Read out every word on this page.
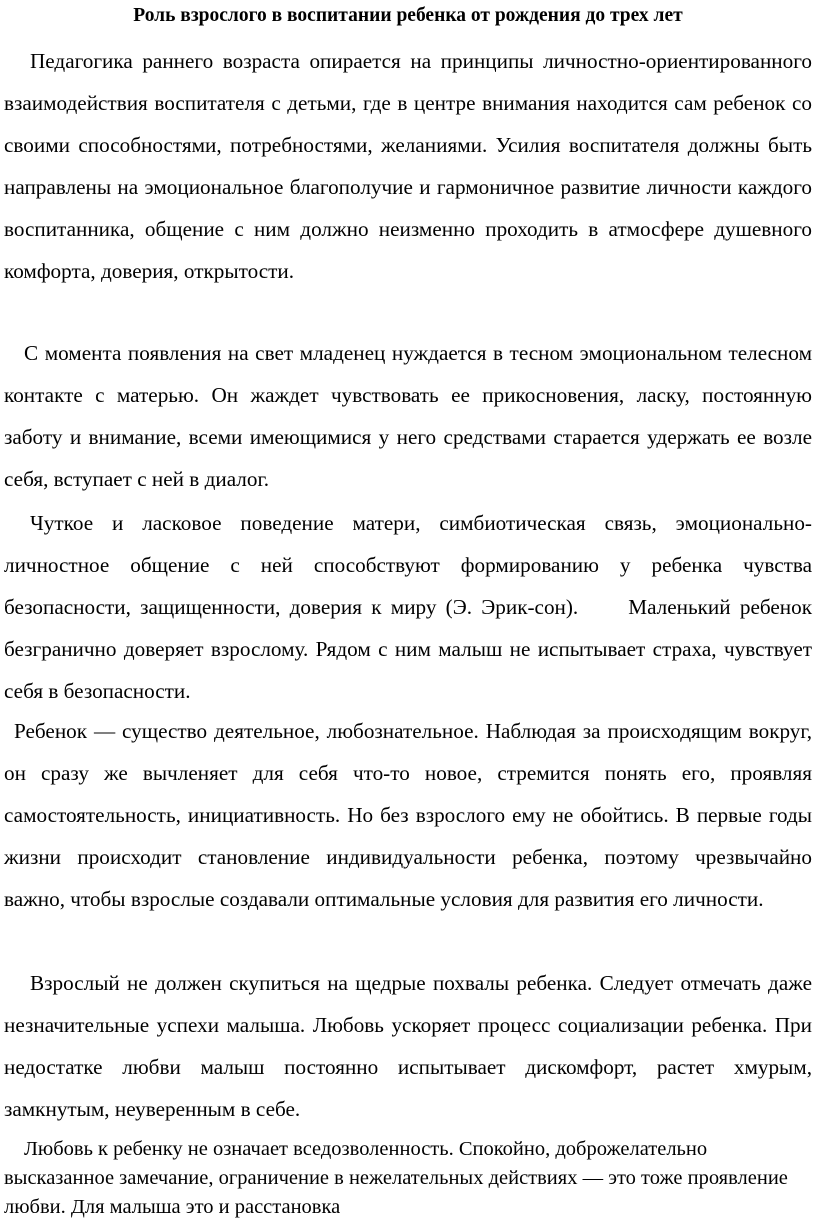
Роль взрослого в воспитании ребенка от рождения до трех лет

Педагогика раннего возраста опирается на принципы личностно-ориентированного взаимодействия воспитателя с детьми, где в центре внимания находится сам ребенок со своими способностями, потребностями, желаниями. Усилия воспитателя должны быть направлены на эмоциональное благополучие и гармоничное развитие личности каждого воспитанника, общение с ним должно неизменно проходить в атмосфере душевного комфорта, доверия, открытости.

С момента появления на свет младенец нуждается в тесном эмоциональном телесном контакте с матерью. Он жаждет чувствовать ее прикосновения, ласку, постоянную заботу и внимание, всеми имеющимися у него средствами старается удержать ее возле себя, вступает с ней в диалог.

Чуткое и ласковое поведение матери, симбиотическая связь, эмоционально-личностное общение с ней способствуют формированию у ребенка чувства безопасности, защищенности, доверия к миру (Э. Эрик-сон). Маленький ребенок безгранично доверяет взрослому. Рядом с ним малыш не испытывает страха, чувствует себя в безопасности.

Ребенок — существо деятельное, любознательное. Наблюдая за происходящим вокруг, он сразу же вычленяет для себя что-то новое, стремится понять его, проявляя самостоятельность, инициативность. Но без взрослого ему не обойтись. В первые годы жизни происходит становление индивидуальности ребенка, поэтому чрезвычайно важно, чтобы взрослые создавали оптимальные условия для развития его личности.

Взрослый не должен скупиться на щедрые похвалы ребенка. Следует отмечать даже незначительные успехи малыша. Любовь ускоряет процесс социализации ребенка. При недостатке любви малыш постоянно испытывает дискомфорт, растет хмурым, замкнутым, неуверенным в себе.

Любовь к ребенку не означает вседозволенность. Спокойно, доброжелательно высказанное замечание, ограничение в нежелательных действиях — это тоже проявление любви. Для малыша это и расстановка
